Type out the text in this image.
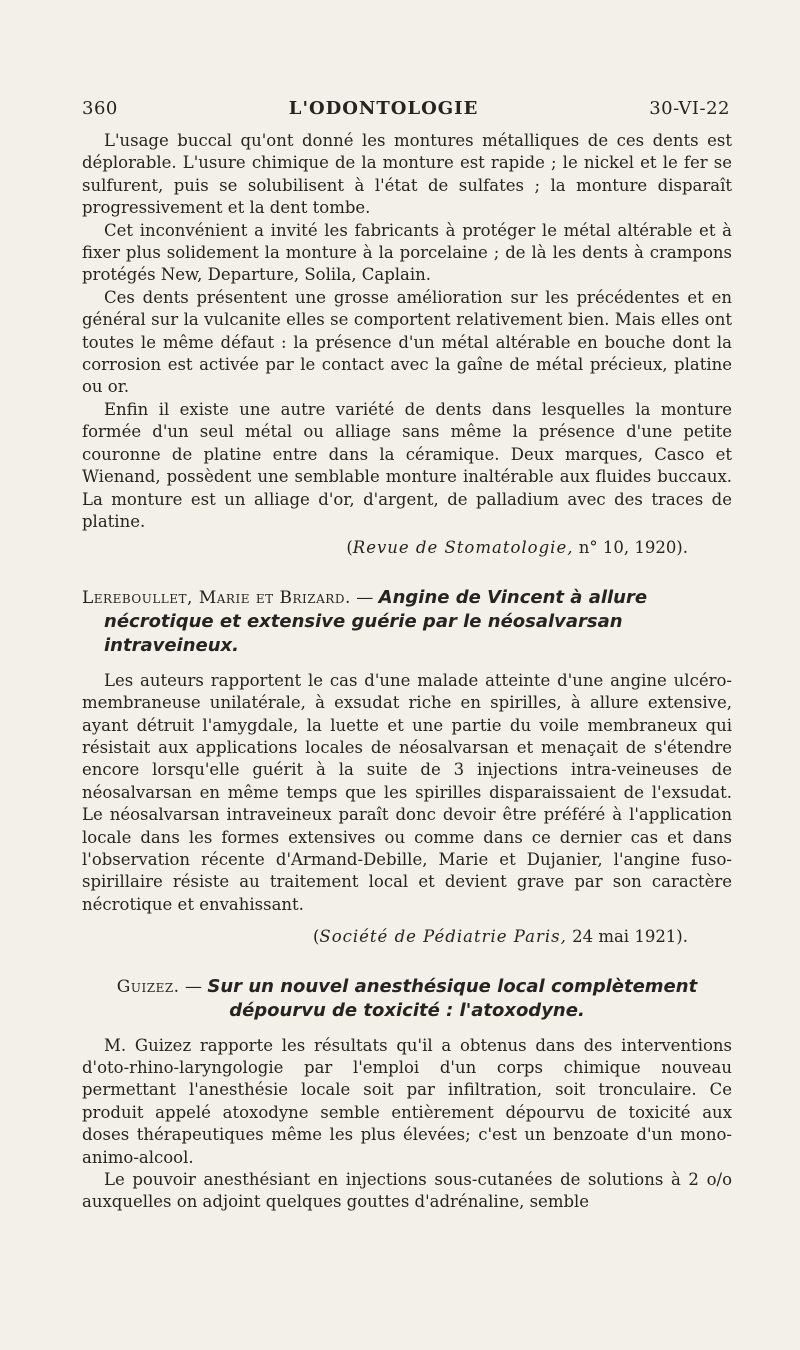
360	L'ODONTOLOGIE	30-VI-22

L'usage buccal qu'ont donné les montures métalliques de ces dents est déplorable. L'usure chimique de la monture est rapide ; le nickel et le fer se sulfurent, puis se solubilisent à l'état de sulfates ; la monture disparaît progressivement et la dent tombe.

Cet inconvénient a invité les fabricants à protéger le métal altérable et à fixer plus solidement la monture à la porcelaine ; de là les dents à crampons protégés New, Departure, Solila, Caplain.

Ces dents présentent une grosse amélioration sur les précédentes et en général sur la vulcanite elles se comportent relativement bien. Mais elles ont toutes le même défaut : la présence d'un métal altérable en bouche dont la corrosion est activée par le contact avec la gaîne de métal précieux, platine ou or.

Enfin il existe une autre variété de dents dans lesquelles la monture formée d'un seul métal ou alliage sans même la présence d'une petite couronne de platine entre dans la céramique. Deux marques, Casco et Wienand, possèdent une semblable monture inaltérable aux fluides buccaux. La monture est un alliage d'or, d'argent, de palladium avec des traces de platine.

(Revue de Stomatologie, n° 10, 1920).

Lereboullet, Marie et Brizard. — Angine de Vincent à allure nécrotique et extensive guérie par le néosalvarsan intraveineux.

Les auteurs rapportent le cas d'une malade atteinte d'une angine ulcéro-membraneuse unilatérale, à exsudat riche en spirilles, à allure extensive, ayant détruit l'amygdale, la luette et une partie du voile membraneux qui résistait aux applications locales de néosalvarsan et menaçait de s'étendre encore lorsqu'elle guérit à la suite de 3 injections intra-veineuses de néosalvarsan en même temps que les spirilles disparaissaient de l'exsudat. Le néosalvarsan intraveineux paraît donc devoir être préféré à l'application locale dans les formes extensives ou comme dans ce dernier cas et dans l'observation récente d'Armand-Debille, Marie et Dujanier, l'angine fuso-spirillaire résiste au traitement local et devient grave par son caractère nécrotique et envahissant.

(Société de Pédiatrie Paris, 24 mai 1921).

Guizez. — Sur un nouvel anesthésique local complètement dépourvu de toxicité : l'atoxodyne.

M. Guizez rapporte les résultats qu'il a obtenus dans des interventions d'oto-rhino-laryngologie par l'emploi d'un corps chimique nouveau permettant l'anesthésie locale soit par infiltration, soit tronculaire. Ce produit appelé atoxodyne semble entièrement dépourvu de toxicité aux doses thérapeutiques même les plus élevées; c'est un benzoate d'un mono-animo-alcool.

Le pouvoir anesthésiant en injections sous-cutanées de solutions à 2 o/o auxquelles on adjoint quelques gouttes d'adrénaline, semble
